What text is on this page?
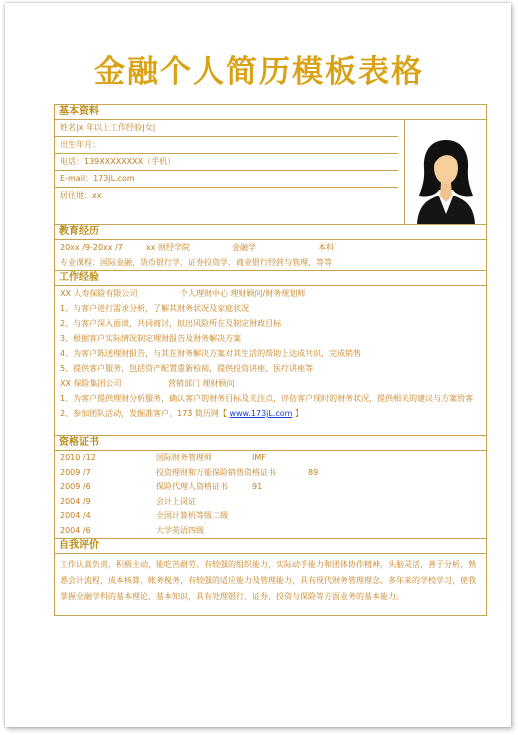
金融个人简历模板表格
基本资料
姓名|x 年以上工作经验|女|
出生年月：
电话：139XXXXXXXX（手机）
E-mail：173jL.com
居住地：xx
教育经历
20xx /9-20xx /7	xx 财经学院	金融学	本科
专业课程：国际金融，货币银行学，证券投资学，商业银行经营与管理，等等
工作经验
XX 人寿保险有限公司	个人理财中心 理财顾问/财务规划师
1、与客户进行需求分析，了解其财务状况及家庭状况
2、与客户深入面谈，共同商讨，拟出风险所在及制定财政目标
3、根据客户实际情况制定理财报告及财务解决方案
4、为客户陈述理财报告，与其在财务解决方案对其生活的帮助上达成共识，完成销售
5、提供客户服务，包括资产配置重新检阅，提供投资讲座、医疗讲座等
XX 保险集团公司	营销部门 理财顾问
1、为客户提供理财分析服务，确认客户的财务目标及关注点，评估客户现时的财务状况，提供相关的建议与方案给客
2、参加团队活动，发掘准客户。173 简历网【 www.173jL.com 】
资格证书
2010 /12	国际财务管理师	IMF
2009 /7	投资理财和万能保险销售资格证书	89
2009 /6	保险代理人资格证书	91
2004 /9	会计上岗证
2004 /4	全国计算机等级二级
2004 /6	大学英语四级
自我评价
工作认真负责，积极主动，能吃苦耐劳。有较强的组织能力，实际动手能力和团体协作精神，头脑灵活，善于分析，熟悉会计流程，成本核算，帐务税务，有较强的适应能力及管理能力，具有现代财务管理理念。多年来的学校学习，使我掌握全融学科的基本理论、基本知识，具有处理银行、证券、投资与保险等方面业务的基本能力。
